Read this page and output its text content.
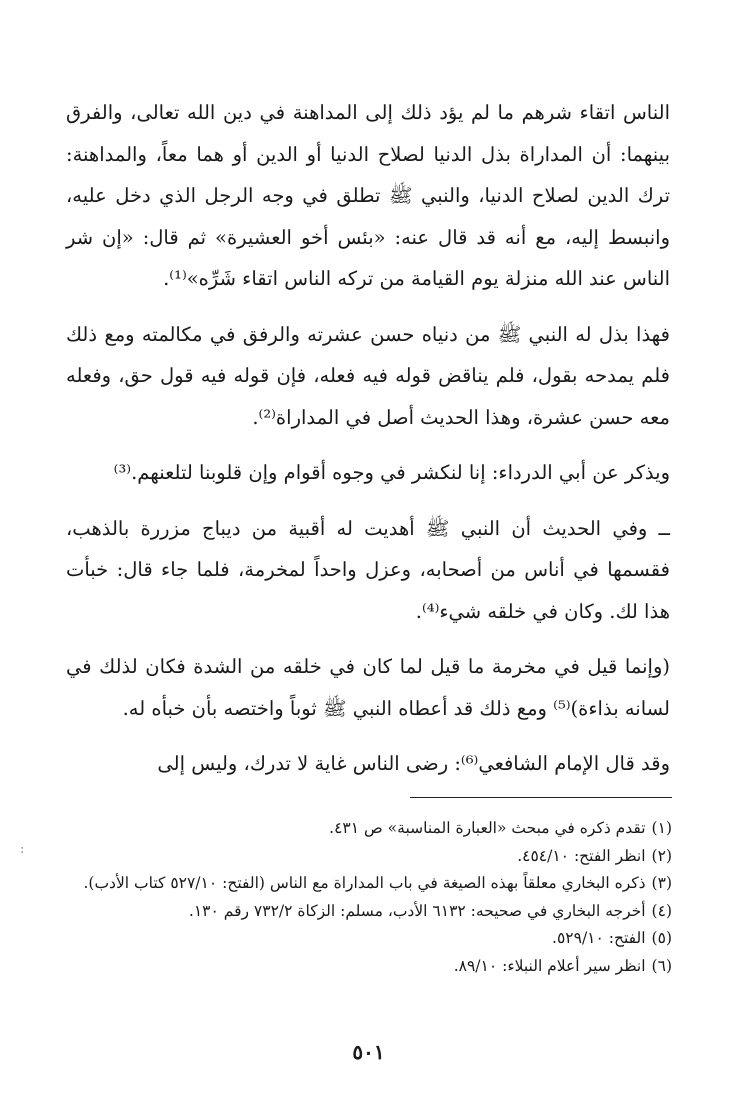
الناس اتقاء شرهم ما لم يؤد ذلك إلى المداهنة في دين الله تعالى، والفرق بينهما: أن المداراة بذل الدنيا لصلاح الدنيا أو الدين أو هما معاً، والمداهنة: ترك الدين لصلاح الدنيا، والنبي ﷺ تطلق في وجه الرجل الذي دخل عليه، وانبسط إليه، مع أنه قد قال عنه: «بئس أخو العشيرة» ثم قال: «إن شر الناس عند الله منزلة يوم القيامة من تركه الناس اتقاء شَرِّه»⁽¹⁾.

فهذا بذل له النبي ﷺ من دنياه حسن عشرته والرفق في مكالمته ومع ذلك فلم يمدحه بقول، فلم يناقض قوله فيه فعله، فإن قوله فيه قول حق، وفعله معه حسن عشرة، وهذا الحديث أصل في المداراة⁽²⁾.

ويذكر عن أبي الدرداء: إنا لنكشر في وجوه أقوام وإن قلوبنا لتلعنهم.⁽³⁾

ــ وفي الحديث أن النبي ﷺ أهديت له أقبية من ديباج مزررة بالذهب، فقسمها في أناس من أصحابه، وعزل واحداً لمخرمة، فلما جاء قال: خبأت هذا لك. وكان في خلقه شيء⁽⁴⁾.

(وإنما قيل في مخرمة ما قيل لما كان في خلقه من الشدة فكان لذلك في لسانه بذاءة)⁽⁵⁾ ومع ذلك قد أعطاه النبي ﷺ ثوباً واختصه بأن خبأه له.

وقد قال الإمام الشافعي⁽⁶⁾: رضى الناس غاية لا تدرك، وليس إلى

(١)تقدم ذكره في مبحث «العبارة المناسبة» ص ٤٣١.

(٢)انظر الفتح: ٤٥٤/١٠.

(٣)ذكره البخاري معلقاً بهذه الصيغة في باب المداراة مع الناس (الفتح: ٥٢٧/١٠ كتاب الأدب).

(٤)أخرجه البخاري في صحيحه: ٦١٣٢ الأدب، مسلم: الزكاة ٧٣٢/٢ رقم ١٣٠.

(٥)الفتح: ٥٢٩/١٠.

(٦)انظر سير أعلام النبلاء: ٨٩/١٠.

:
٥٠١
